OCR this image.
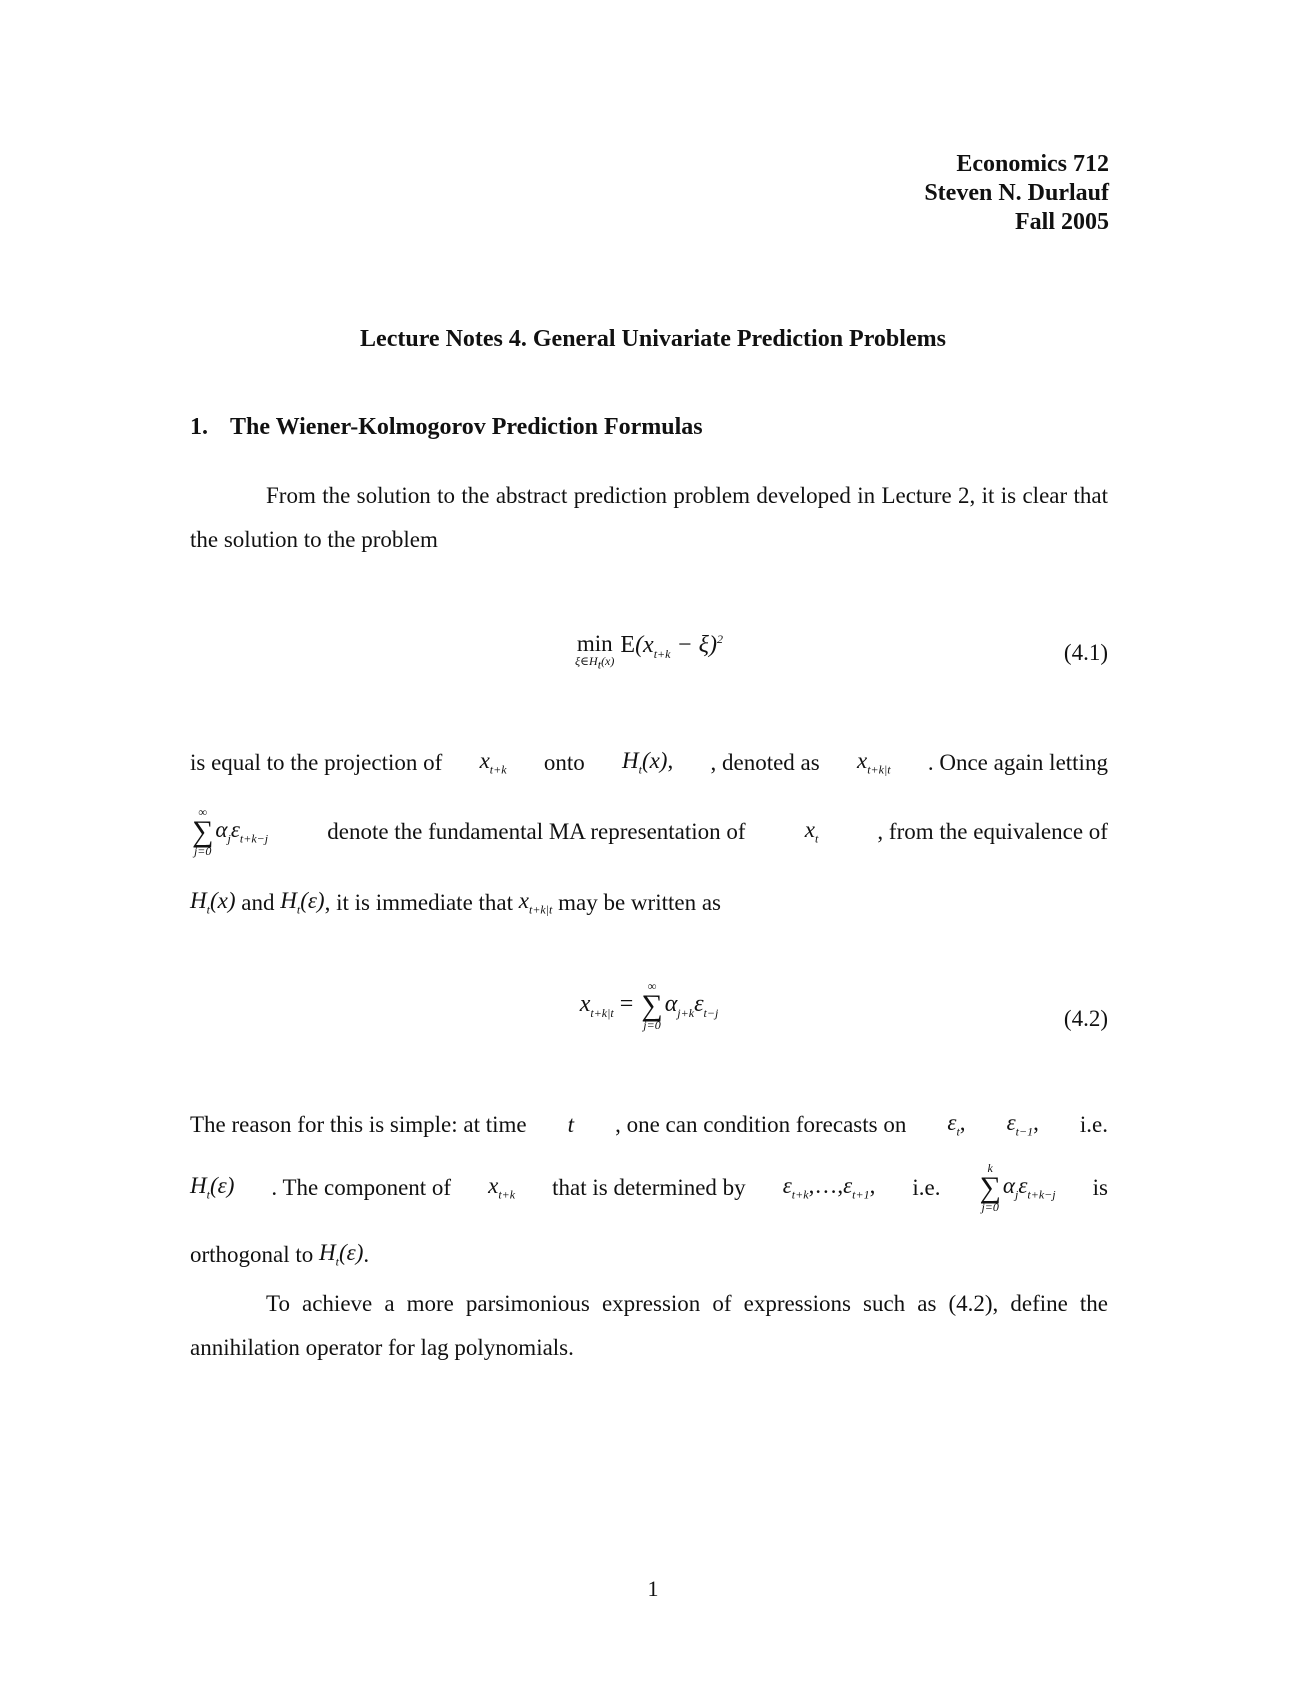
Economics 712
Steven N. Durlauf
Fall 2005
Lecture Notes 4. General Univariate Prediction Problems
1. The Wiener-Kolmogorov Prediction Formulas
From the solution to the abstract prediction problem developed in Lecture 2, it is clear that the solution to the problem
min
$\xi\in H_t(x)$
$E(x_{t+k} - \xi)^2$
(4.1)
is equal to the projection of $x_{t+k}$ onto $H_t(x)$, , denoted as $x_{t+k|t}$ . Once again letting
∞
∑
j=0
$\alpha_j\varepsilon_{t+k-j}$	denote the fundamental MA representation of	$x_t$	, from the equivalence of
$H_t(x)$
and
$H_t(\varepsilon)$ , it is immediate that
$x_{t+k|t}$
may be written as
$x_{t+k|t}$ =
∞
∑
j=0
$\alpha_{j+k}\varepsilon_{t-j}$	(4.2)
The reason for this is simple: at time t , one can condition forecasts on $\varepsilon_t$, $\varepsilon_{t-1}$, i.e.
$H_t(\varepsilon)$ . The component of $x_{t+k}$ that is determined by $\varepsilon_{t+k},\dots,\varepsilon_{t+1}$, i.e.
k
∑
j=0
$\alpha_j\varepsilon_{t+k-j}$ is
orthogonal to
$H_t(\varepsilon)$ .
To achieve a more parsimonious expression of expressions such as (4.2), define the annihilation operator for lag polynomials.
1
